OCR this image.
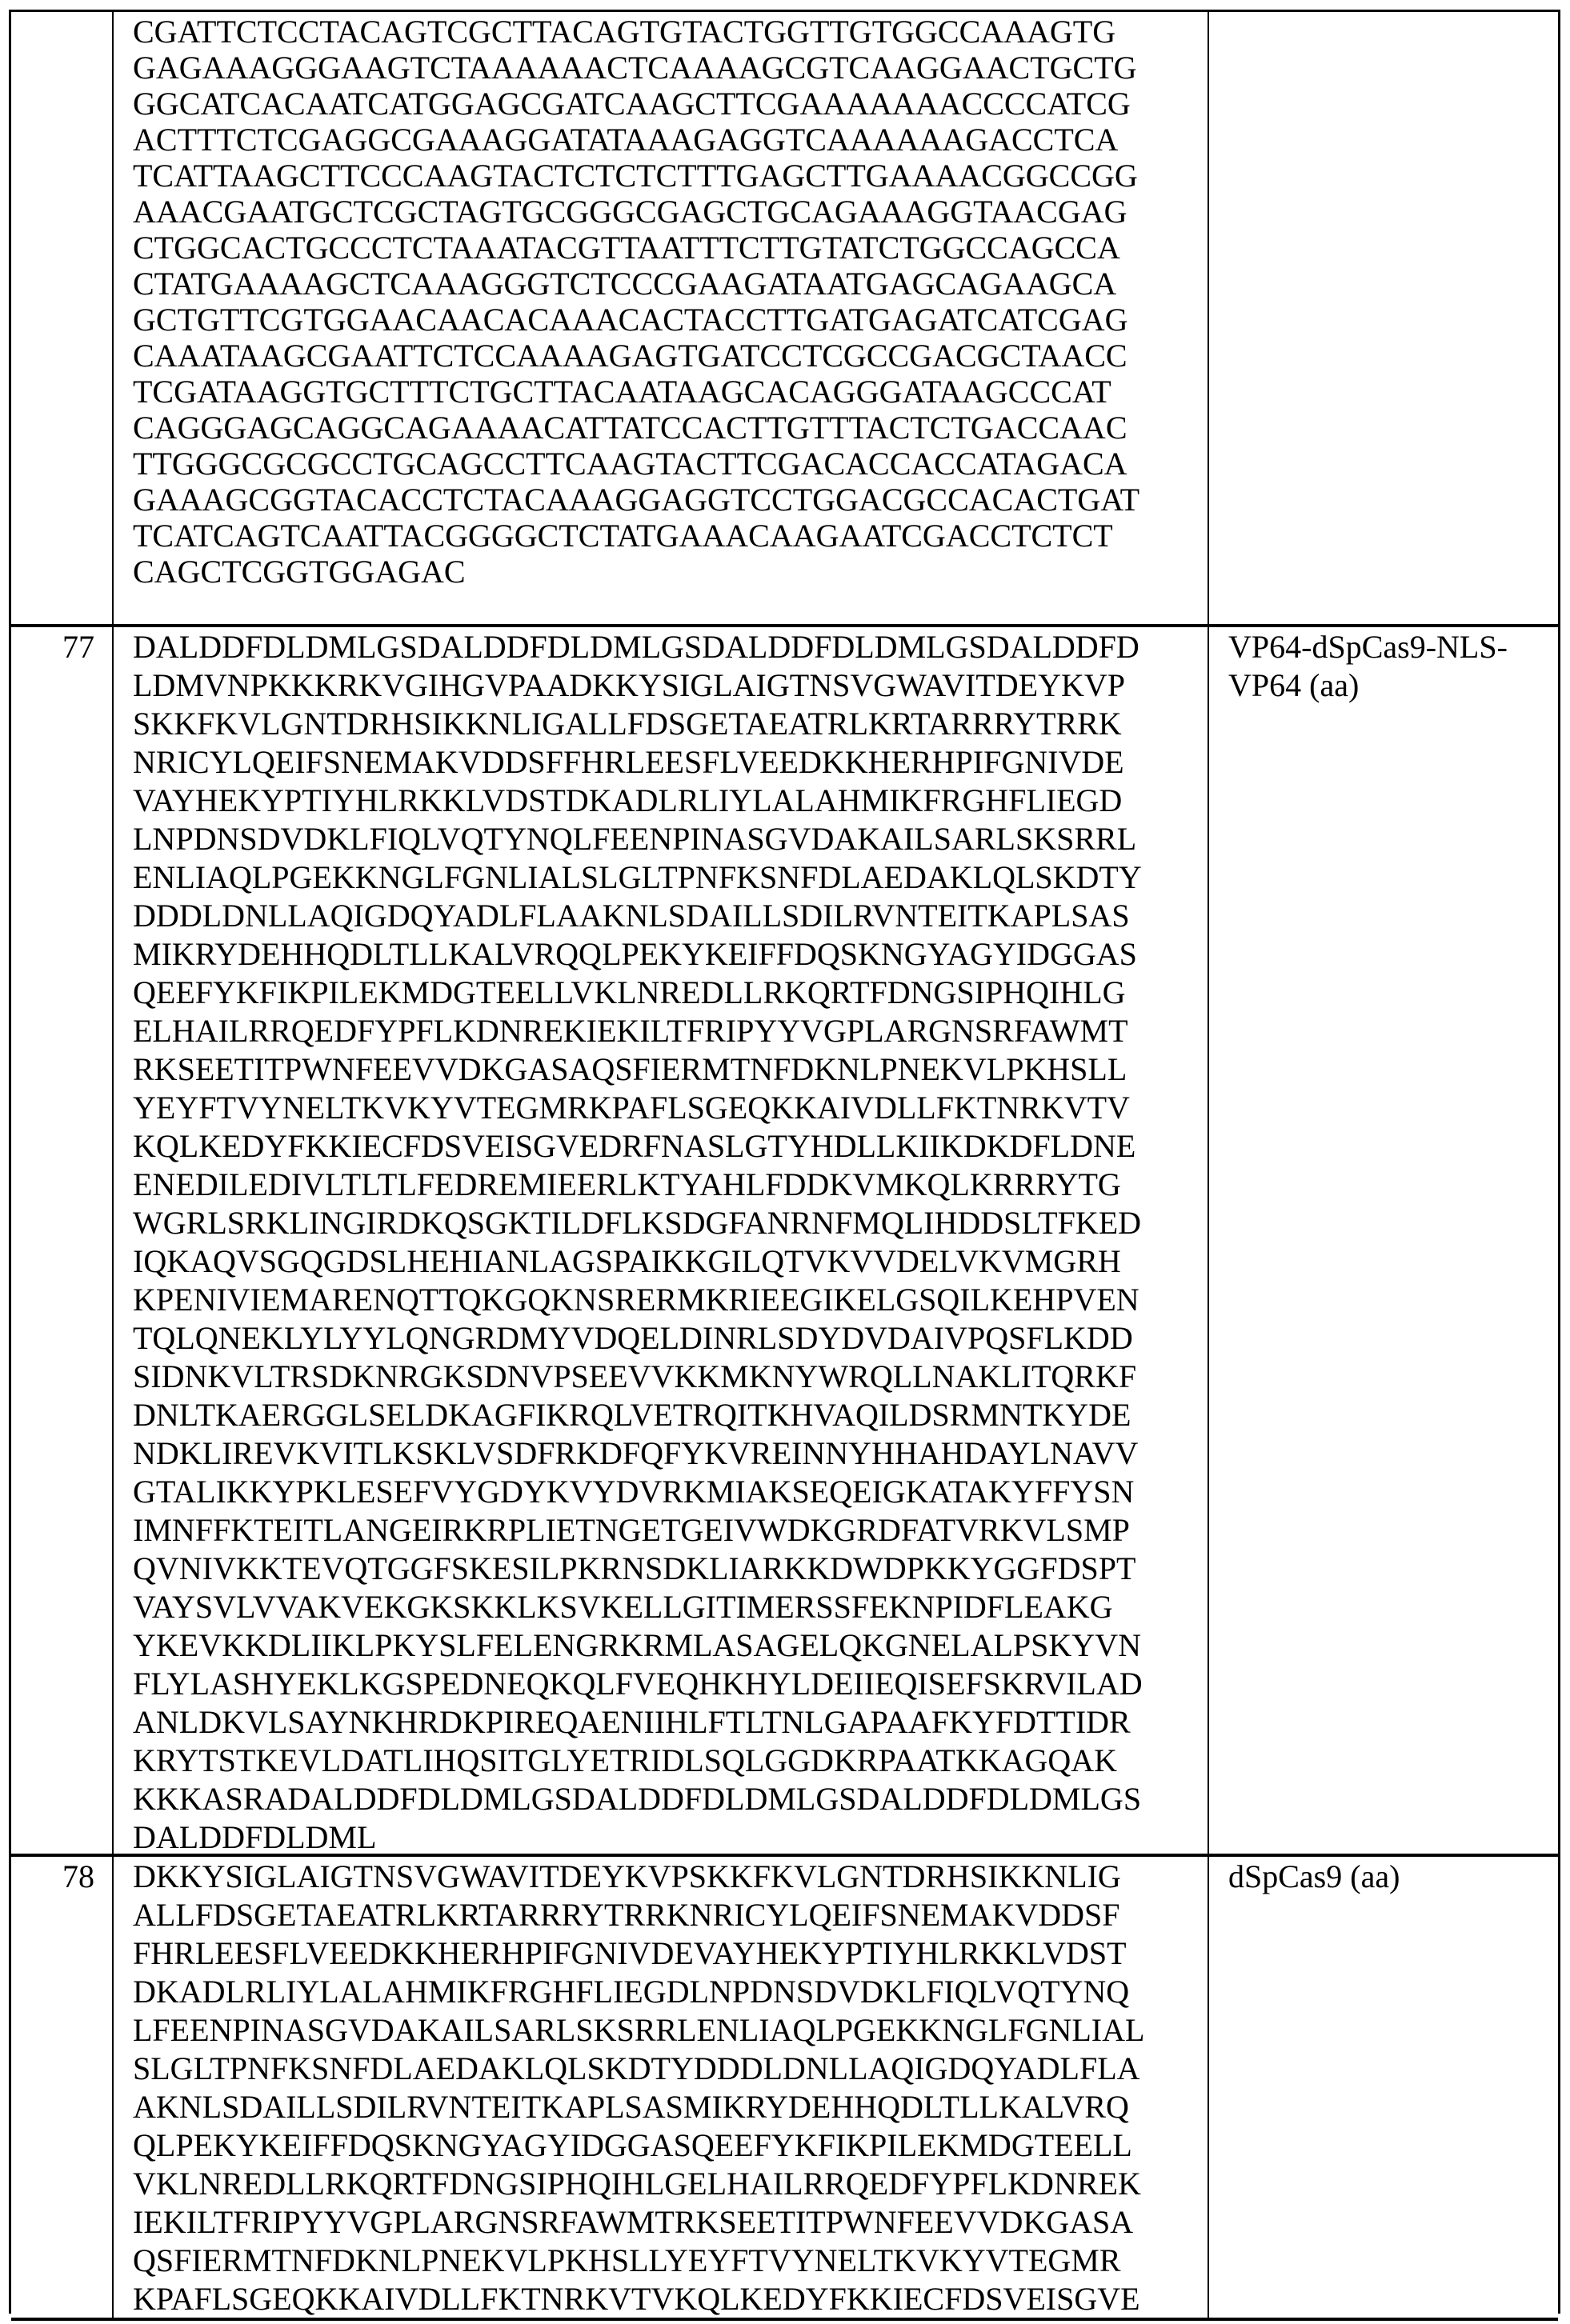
CGATTCTCCTACAGTCGCTTACAGTGTACTGGTTGTGGCCAAAGTG
GAGAAAGGGAAGTCTAAAAAACTCAAAAGCGTCAAGGAACTGCTG
GGCATCACAATCATGGAGCGATCAAGCTTCGAAAAAAACCCCATCG
ACTTTCTCGAGGCGAAAGGATATAAAGAGGTCAAAAAAGACCTCA
TCATTAAGCTTCCCAAGTACTCTCTCTTTGAGCTTGAAAACGGCCGG
AAACGAATGCTCGCTAGTGCGGGCGAGCTGCAGAAAGGTAACGAG
CTGGCACTGCCCTCTAAATACGTTAATTTCTTGTATCTGGCCAGCCA
CTATGAAAAGCTCAAAGGGTCTCCCGAAGATAATGAGCAGAAGCA
GCTGTTCGTGGAACAACACAAACACTACCTTGATGAGATCATCGAG
CAAATAAGCGAATTCTCCAAAAGAGTGATCCTCGCCGACGCTAACC
TCGATAAGGTGCTTTCTGCTTACAATAAGCACAGGGATAAGCCCAT
CAGGGAGCAGGCAGAAAACATTATCCACTTGTTTACTCTGACCAAC
TTGGGCGCGCCTGCAGCCTTCAAGTACTTCGACACCACCATAGACA
GAAAGCGGTACACCTCTACAAAGGAGGTCCTGGACGCCACACTGAT
TCATCAGTCAATTACGGGGCTCTATGAAACAAGAATCGACCTCTCT
CAGCTCGGTGGAGAC
77	DALDDFDLDMLGSDALDDFDLDMLGSDALDDFDLDMLGSDALDDFD
LDMVNPKKKRKVGIHGVPAADKKYSIGLAIGTNSVGWAVITDEYKVP
SKKFKVLGNTDRHSIKKNLIGALLFDSGETAEATRLKRTARRRYTRRK
NRICYLQEIFSNEMAKVDDSFFHRLEESFLVEEDKKHERHPIFGNIVDE
VAYHEKYPTIYHLRKKLVDSTDKADLRLIYLALAHMIKFRGHFLIEGD
LNPDNSDVDKLFIQLVQTYNQLFEENPINASGVDAKAILSARLSKSRRL
ENLIAQLPGEKKNGLFGNLIALSLGLTPNFKSNFDLAEDAKLQLSKDTY
DDDLDNLLAQIGDQYADLFLAAKNLSDAILLSDILRVNTEITKAPLSAS
MIKRYDEHHQDLTLLKALVRQQLPEKYKEIFFDQSKNGYAGYIDGGAS
QEEFYKFIKPILEKMDGTEELLVKLNREDLLRKQRTFDNGSIPHQIHLG
ELHAILRRQEDFYPFLKDNREKIEKILTFRIPYYVGPLARGNSRFAWMT
RKSEETITPWNFEEVVDKGASAQSFIERMTNFDKNLPNEKVLPKHSLL
YEYFTVYNELTKVKYVTEGMRKPAFLSGEQKKAIVDLLFKTNRKVTV
KQLKEDYFKKIECFDSVEISGVEDRFNASLGTYHDLLKIIKDKDFLDNE
ENEDILEDIVLTLTLFEDREMIEERLKTYAHLFDDKVMKQLKRRRYTG
WGRLSRKLINGIRDKQSGKTILDFLKSDGFANRNFMQLIHDDSLTFKED
IQKAQVSGQGDSLHEHIANLAGSPAIKKGILQTVKVVDELVKVMGRH
KPENIVIEMARENQTTQKGQKNSRERMKRIEEGIKELGSQILKEHPVEN
TQLQNEKLYLYYLQNGRDMYVDQELDINRLSDYDVDAIVPQSFLKDD
SIDNKVLTRSDKNRGKSDNVPSEEVVKKMKNYWRQLLNAKLITQRKF
DNLTKAERGGLSELDKAGFIKRQLVETRQITKHVAQILDSRMNTKYDE
NDKLIREVKVITLKSKLVSDFRKDFQFYKVREINNYHHAHDAYLNAVV
GTALIKKYPKLESEFVYGDYKVYDVRKMIAKSEQEIGKATAKYFFYSN
IMNFFKTEITLANGEIRKRPLIETNGETGEIVWDKGRDFATVRKVLSMP
QVNIVKKTEVQTGGFSKESILPKRNSDKLIARKKDWDPKKYGGFDSPT
VAYSVLVVAKVEKGKSKKLKSVKELLGITIMERSSFEKNPIDFLEAKG
YKEVKKDLIIKLPKYSLFELENGRKRMLASAGELQKGNELALPSKYVN
FLYLASHYEKLKGSPEDNEQKQLFVEQHKHYLDEIIEQISEFSKRVILAD
ANLDKVLSAYNKHRDKPIREQAENIIHLFTLTNLGAPAAFKYFDTTIDR
KRYTSTKEVLDATLIHQSITGLYETRIDLSQLGGDKRPAATKKAGQAK
KKKASRADALDDFDLDMLGSDALDDFDLDMLGSDALDDFDLDMLGS
DALDDFDLDML
VP64-dSpCas9-NLS-
VP64 (aa)
78	DKKYSIGLAIGTNSVGWAVITDEYKVPSKKFKVLGNTDRHSIKKNLIG
ALLFDSGETAEATRLKRTARRRYTRRKNRICYLQEIFSNEMAKVDDSF
FHRLEESFLVEEDKKHERHPIFGNIVDEVAYHEKYPTIYHLRKKLVDST
DKADLRLIYLALAHMIKFRGHFLIEGDLNPDNSDVDKLFIQLVQTYNQ
LFEENPINASGVDAKAILSARLSKSRRLENLIAQLPGEKKNGLFGNLIAL
SLGLTPNFKSNFDLAEDAKLQLSKDTYDDDLDNLLAQIGDQYADLFLA
AKNLSDAILLSDILRVNTEITKAPLSASMIKRYDEHHQDLTLLKALVRQ
QLPEKYKEIFFDQSKNGYAGYIDGGASQEEFYKFIKPILEKMDGTEELL
VKLNREDLLRKQRTFDNGSIPHQIHLGELHAILRRQEDFYPFLKDNREK
IEKILTFRIPYYVGPLARGNSRFAWMTRKSEETITPWNFEEVVDKGASA
QSFIERMTNFDKNLPNEKVLPKHSLLYEYFTVYNELTKVKYVTEGMR
KPAFLSGEQKKAIVDLLFKTNRKVTVKQLKEDYFKKIECFDSVEISGVE
dSpCas9 (aa)
